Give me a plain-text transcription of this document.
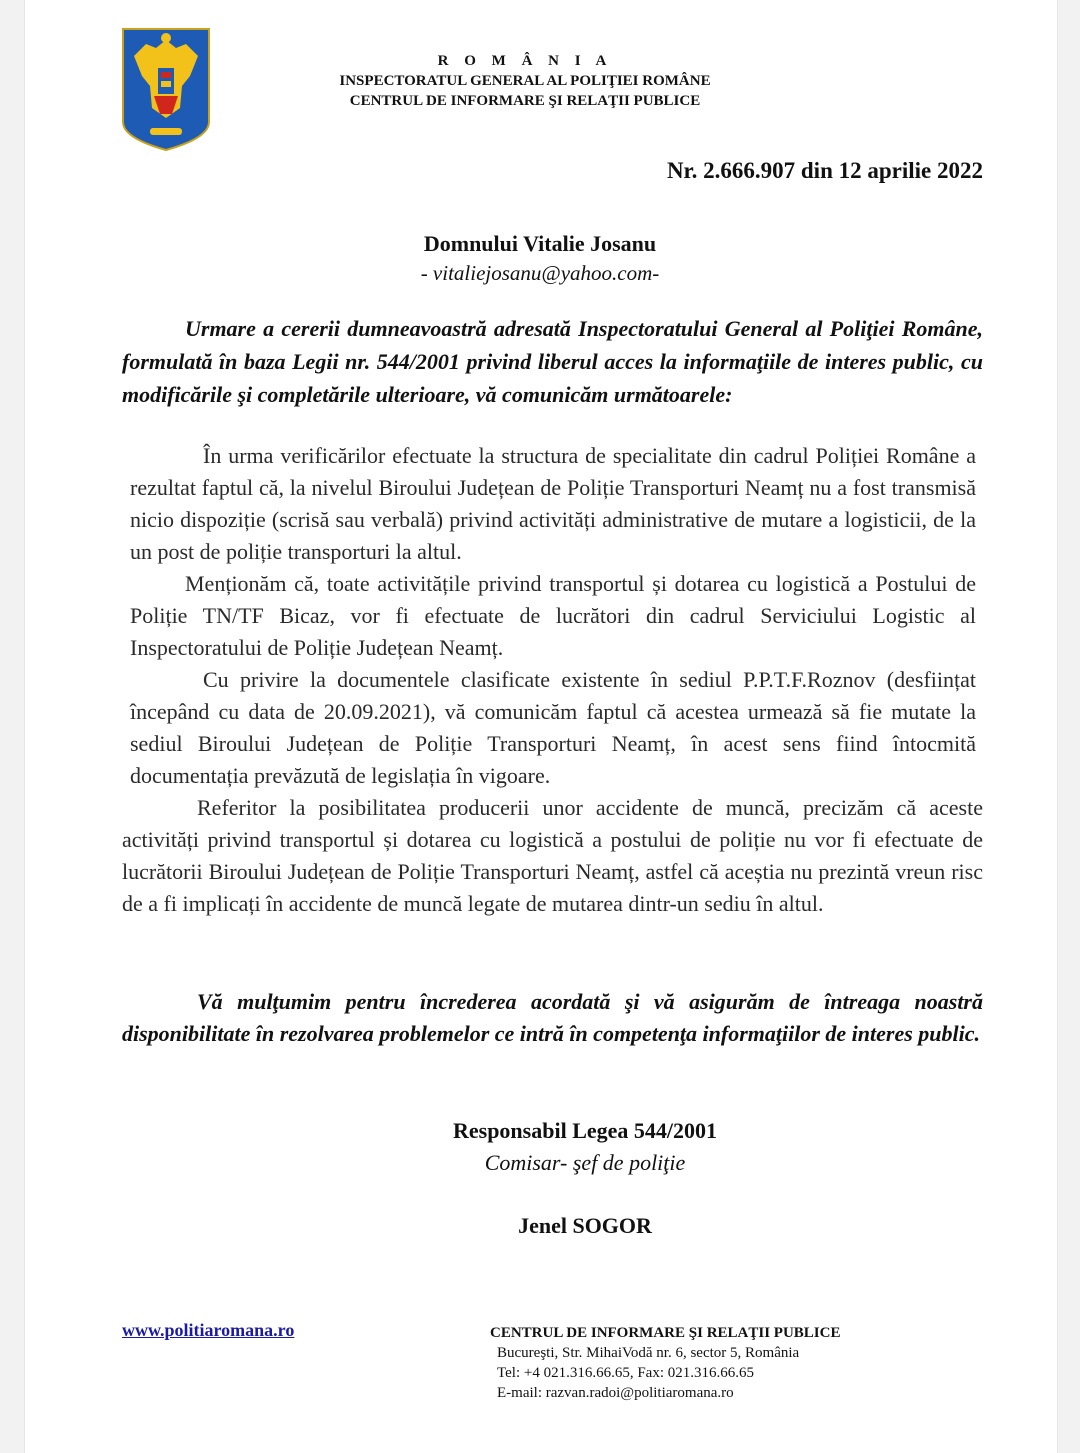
R O M Â N I A
INSPECTORATUL GENERAL AL POLIŢIEI ROMÂNE
CENTRUL DE INFORMARE ŞI RELAŢII PUBLICE
Nr. 2.666.907 din 12 aprilie 2022
Domnului Vitalie Josanu
- vitaliejosanu@yahoo.com-

Urmare a cererii dumneavoastră adresată Inspectoratului General al Poliţiei Române, formulată în baza Legii nr. 544/2001 privind liberul acces la informaţiile de interes public, cu modificările şi completările ulterioare, vă comunicăm următoarele:

În urma verificărilor efectuate la structura de specialitate din cadrul Poliției Române a rezultat faptul că, la nivelul Biroului Județean de Poliție Transporturi Neamț nu a fost transmisă nicio dispoziție (scrisă sau verbală) privind activități administrative de mutare a logisticii, de la un post de poliție transporturi la altul.

Menționăm că, toate activitățile privind transportul și dotarea cu logistică a Postului de Poliție TN/TF Bicaz, vor fi efectuate de lucrători din cadrul Serviciului Logistic al Inspectoratului de Poliție Județean Neamț.

Cu privire la documentele clasificate existente în sediul P.P.T.F.Roznov (desființat începând cu data de 20.09.2021), vă comunicăm faptul că acestea urmează să fie mutate la sediul Biroului Județean de Poliție Transporturi Neamț, în acest sens fiind întocmită documentația prevăzută de legislația în vigoare.

Referitor la posibilitatea producerii unor accidente de muncă, precizăm că aceste activități privind transportul și dotarea cu logistică a postului de poliție nu vor fi efectuate de lucrătorii Biroului Județean de Poliție Transporturi Neamț, astfel că aceștia nu prezintă vreun risc de a fi implicați în accidente de muncă legate de mutarea dintr-un sediu în altul.

Vă mulţumim pentru încrederea acordată şi vă asigurăm de întreaga noastră disponibilitate în rezolvarea problemelor ce intră în competenţa informaţiilor de interes public.

Responsabil Legea 544/2001
Comisar- şef de poliţie
Jenel SOGOR
www.politiaromana.ro	CENTRUL DE INFORMARE ŞI RELAŢII PUBLICE
Bucureşti, Str. MihaiVodă nr. 6, sector 5, România
Tel: +4 021.316.66.65, Fax: 021.316.66.65
E-mail: razvan.radoi@politiaromana.ro
